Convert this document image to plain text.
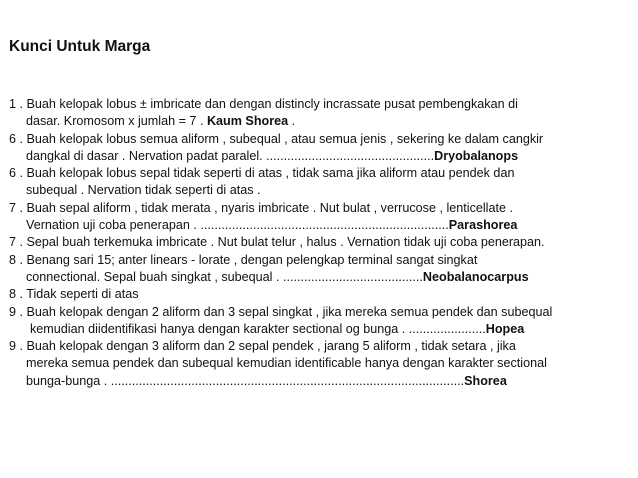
Kunci Untuk Marga
1 . Buah kelopak lobus ± imbricate dan dengan distincly incrassate pusat pembengkakan di
dasar. Kromosom x jumlah = 7 . Kaum Shorea .
6 . Buah kelopak lobus semua aliform , subequal , atau semua jenis , sekering ke dalam cangkir
dangkal di dasar . Nervation padat paralel. ................................................Dryobalanops
6 . Buah kelopak lobus sepal tidak seperti di atas , tidak sama jika aliform atau pendek dan
subequal . Nervation tidak seperti di atas .
7 . Buah sepal aliform , tidak merata , nyaris imbricate . Nut bulat , verrucose , lenticellate .
Vernation uji coba penerapan . .......................................................................Parashorea
7 . Sepal buah terkemuka imbricate . Nut bulat telur , halus . Vernation tidak uji coba penerapan.
8 . Benang sari 15; anter linears - lorate , dengan pelengkap terminal sangat singkat
connectional. Sepal buah singkat , subequal . ........................................Neobalanocarpus
8 . Tidak seperti di atas
9 . Buah kelopak dengan 2 aliform dan 3 sepal singkat , jika mereka semua pendek dan subequal
kemudian diidentifikasi hanya dengan karakter sectional og bunga . ......................Hopea
9 . Buah kelopak dengan 3 aliform dan 2 sepal pendek , jarang 5 aliform , tidak setara , jika
mereka semua pendek dan subequal kemudian identificable hanya dengan karakter sectional
bunga-bunga . .....................................................................................................Shorea
